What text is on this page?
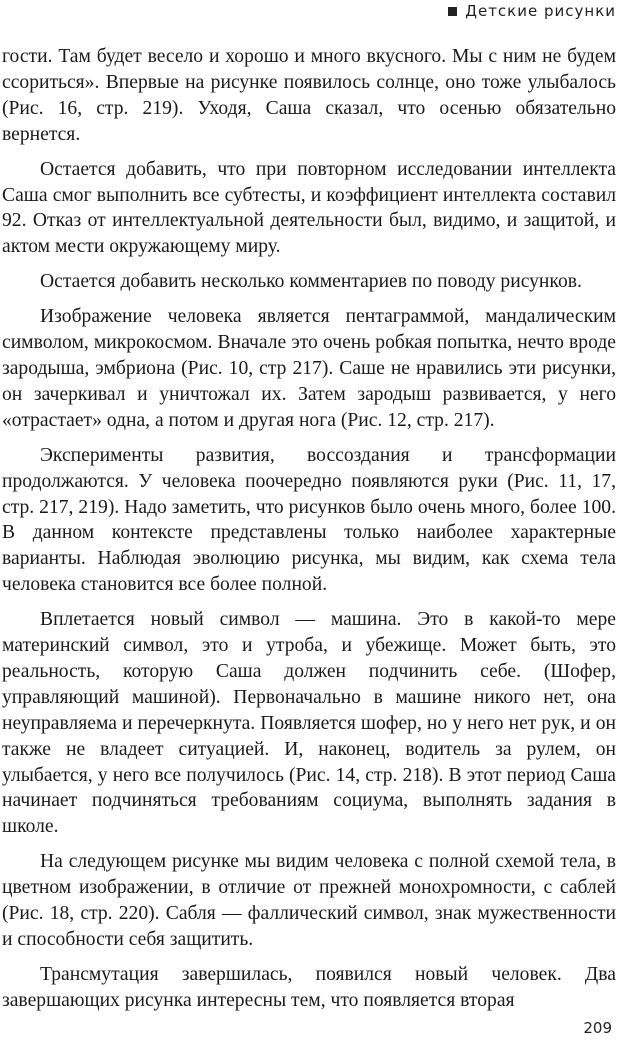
Детские рисунки

гости. Там будет весело и хорошо и много вкусного. Мы с ним не будем ссориться». Впервые на рисунке появилось солнце, оно тоже улыбалось (Рис. 16, стр. 219). Уходя, Саша сказал, что осенью обязательно вернется.

Остается добавить, что при повторном исследовании интеллекта Саша смог выполнить все субтесты, и коэффициент интеллекта составил 92. Отказ от интеллектуальной деятельности был, видимо, и защитой, и актом мести окружающему миру.

Остается добавить несколько комментариев по поводу рисунков.

Изображение человека является пентаграммой, мандалическим символом, микрокосмом. Вначале это очень робкая попытка, нечто вроде зародыша, эмбриона (Рис. 10, стр 217). Саше не нравились эти рисунки, он зачеркивал и уничтожал их. Затем зародыш развивается, у него «отрастает» одна, а потом и другая нога (Рис. 12, стр. 217).

Эксперименты развития, воссоздания и трансформации продолжаются. У человека поочередно появляются руки (Рис. 11, 17, стр. 217, 219). Надо заметить, что рисунков было очень много, более 100. В данном контексте представлены только наиболее характерные варианты. Наблюдая эволюцию рисунка, мы видим, как схема тела человека становится все более полной.

Вплетается новый символ — машина. Это в какой-то мере материнский символ, это и утроба, и убежище. Может быть, это реальность, которую Саша должен подчинить себе. (Шофер, управляющий машиной). Первоначально в машине никого нет, она неуправляема и перечеркнута. Появляется шофер, но у него нет рук, и он также не владеет ситуацией. И, наконец, водитель за рулем, он улыбается, у него все получилось (Рис. 14, стр. 218). В этот период Саша начинает подчиняться требованиям социума, выполнять задания в школе.

На следующем рисунке мы видим человека с полной схемой тела, в цветном изображении, в отличие от прежней монохромности, с саблей (Рис. 18, стр. 220). Сабля — фаллический символ, знак мужественности и способности себя защитить.

Трансмутация завершилась, появился новый человек. Два завершающих рисунка интересны тем, что появляется вторая

209
